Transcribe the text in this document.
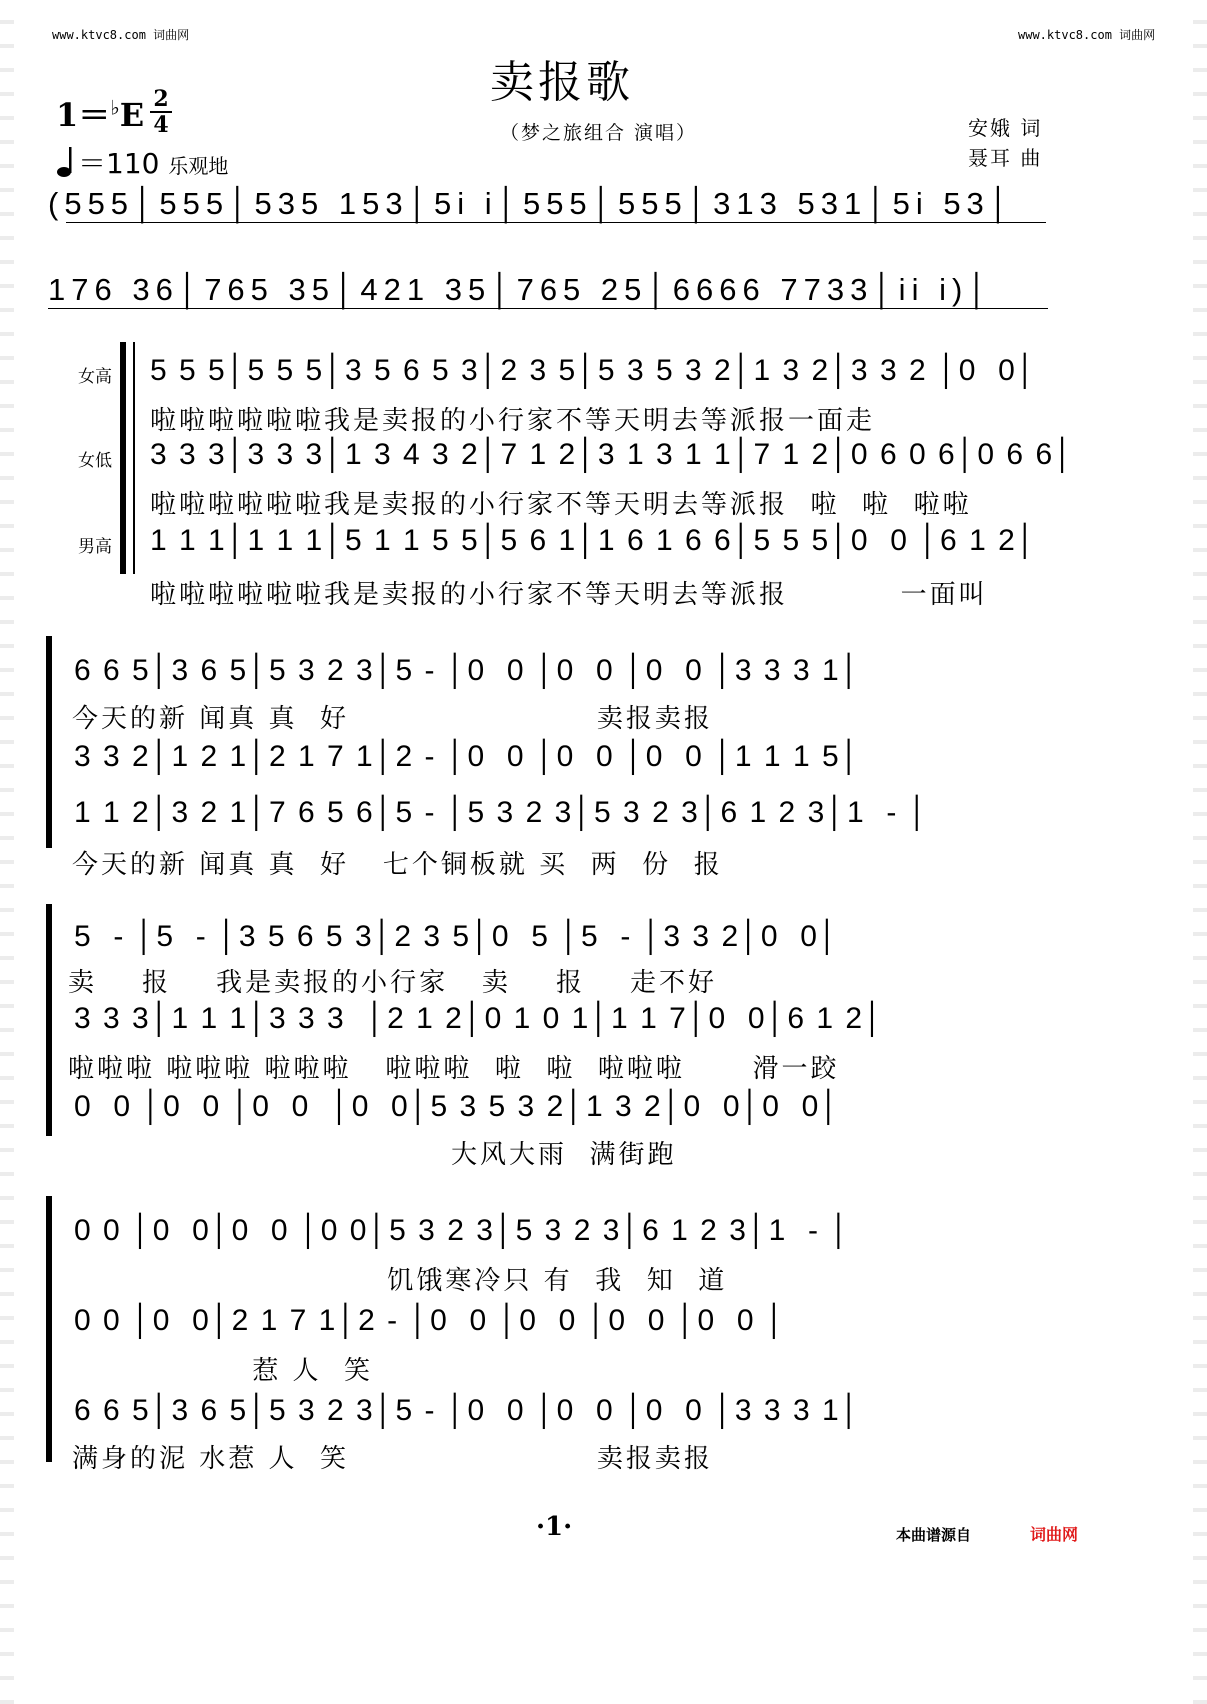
www.ktvc8.com 词曲网	www.ktvc8.com 词曲网
卖报歌
（梦之旅组合 演唱）
1＝♭E 2
4
＝110 乐观地
安娥 词
聂耳 曲
(555│555│535 153│5i i│555│555│313 531│5i 53│
176 36│765 35│421 35│765 25│6666 7733│ii i)│
女高 5 5 5│5 5 5│3 5 6 5 3│2 3 5│5 3 5 3 2│1 3 2│3 3 2 │0  0│
啦啦啦啦啦啦我是卖报的小行家不等天明去等派报一面走
女低 3 3 3│3 3 3│1 3 4 3 2│7 1 2│3 1 3 1 1│7 1 2│0 6 0 6│0 6 6│
啦啦啦啦啦啦我是卖报的小行家不等天明去等派报  啦  啦  啦啦
男高 1 1 1│1 1 1│5 1 1 5 5│5 6 1│1 6 1 6 6│5 5 5│0  0 │6 1 2│
啦啦啦啦啦啦我是卖报的小行家不等天明去等派报          一面叫
6 6 5│3 6 5│5 3 2 3│5 - │0  0 │0  0 │0  0 │3 3 3 1│
今天的新 闻真 真  好                      卖报卖报
3 3 2│1 2 1│2 1 7 1│2 - │0  0 │0  0 │0  0 │1 1 1 5│
1 1 2│3 2 1│7 6 5 6│5 - │5 3 2 3│5 3 2 3│6 1 2 3│1  - │
今天的新 闻真 真  好   七个铜板就 买  两  份  报
5  - │5  - │3 5 6 5 3│2 3 5│0  5 │5  - │3 3 2│0  0│
卖    报    我是卖报的小行家   卖    报    走不好
3 3 3│1 1 1│3 3 3  │2 1 2│0 1 0 1│1 1 7│0  0│6 1 2│
啦啦啦 啦啦啦 啦啦啦   啦啦啦  啦  啦  啦啦啦      滑一跤
0  0 │0  0 │0  0  │0  0│5 3 5 3 2│1 3 2│0  0│0  0│
大风大雨  满街跑
0 0 │0  0│0  0 │0 0│5 3 2 3│5 3 2 3│6 1 2 3│1  - │
饥饿寒冷只 有  我  知  道
0 0 │0  0│2 1 7 1│2 - │0  0 │0  0 │0  0 │0  0 │
惹 人  笑
6 6 5│3 6 5│5 3 2 3│5 - │0  0 │0  0 │0  0 │3 3 3 1│
满身的泥 水惹 人  笑                      卖报卖报
·1·	本曲谱源自	词曲网
